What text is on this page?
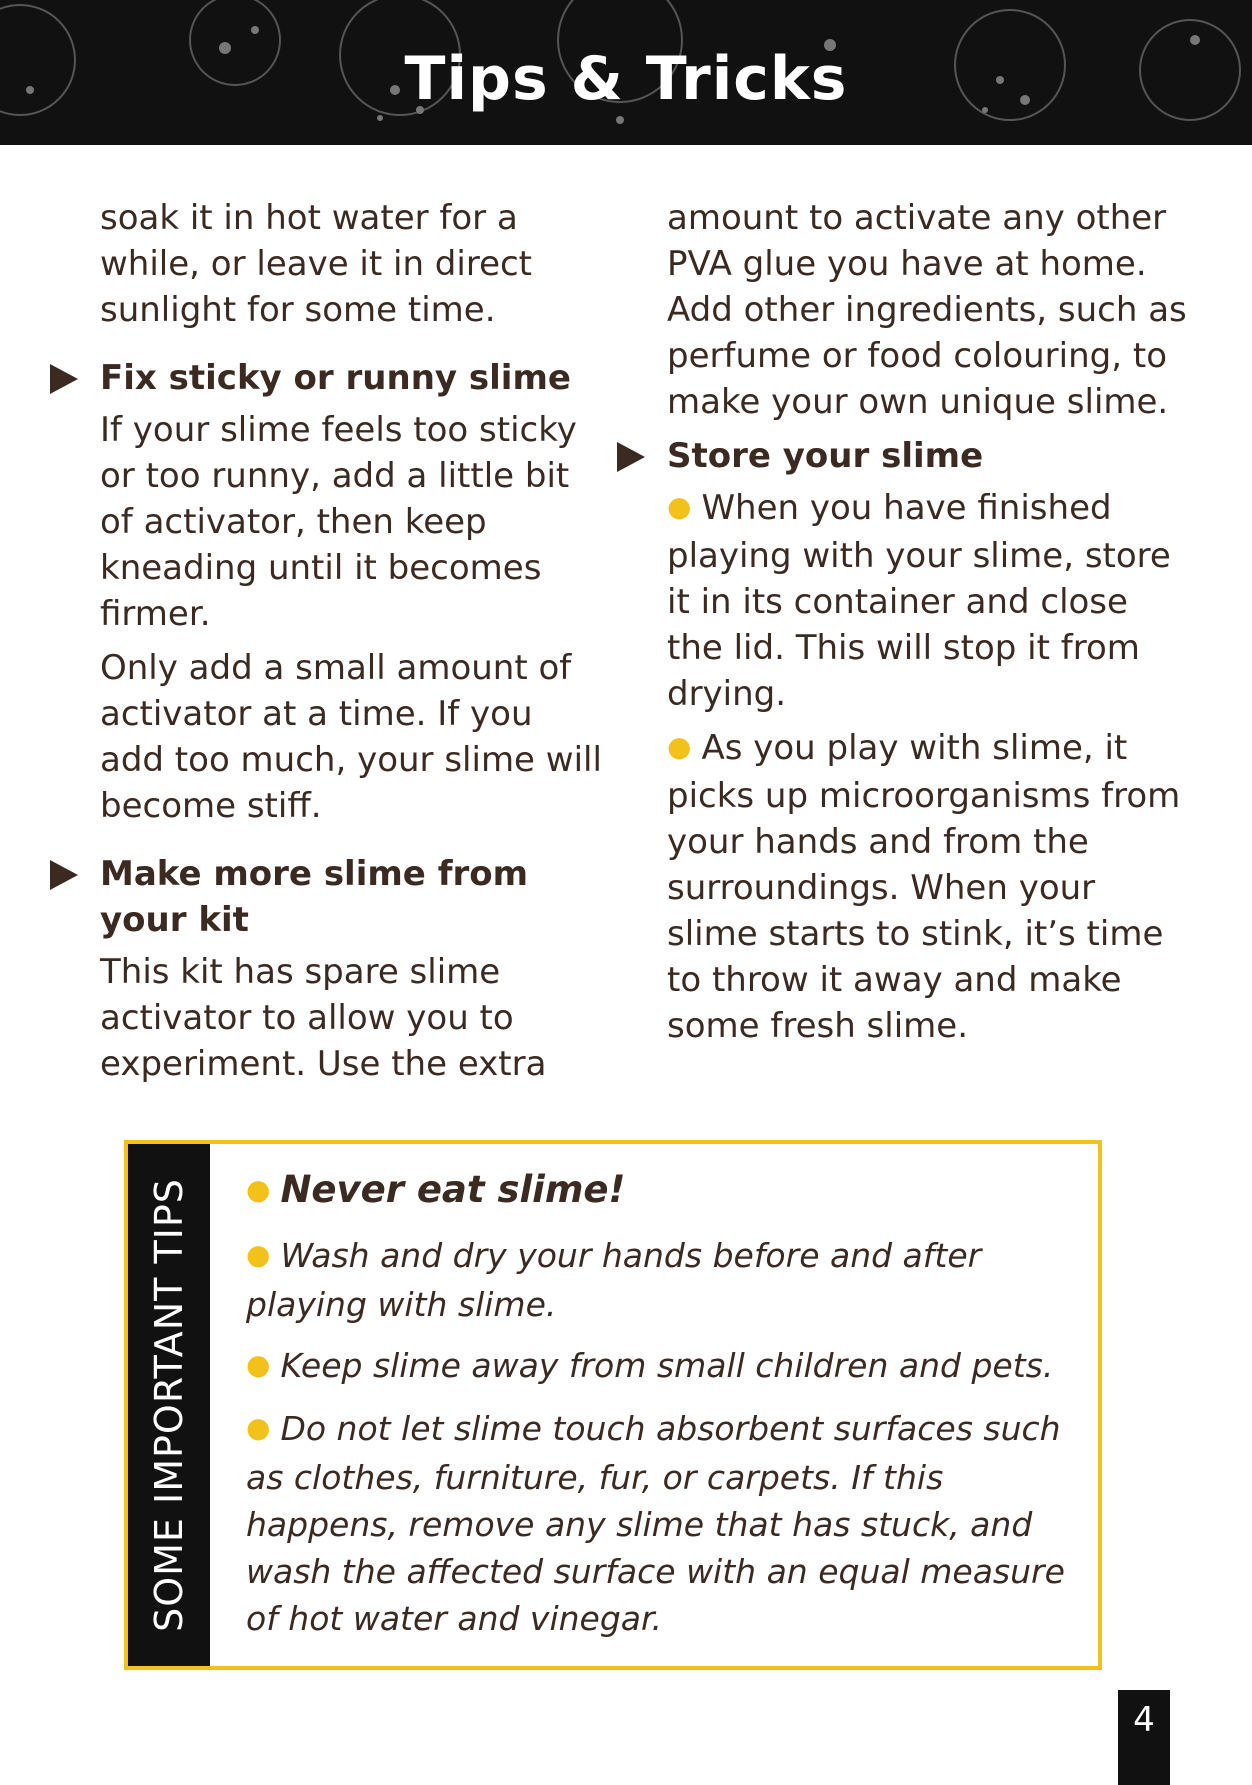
Tips & Tricks

soak it in hot water for a while, or leave it in direct sunlight for some time.

Fix sticky or runny slime

If your slime feels too sticky or too runny, add a little bit of activator, then keep kneading until it becomes firmer.

Only add a small amount of activator at a time. If you add too much, your slime will become stiff.

Make more slime from your kit

This kit has spare slime activator to allow you to experiment. Use the extra

amount to activate any other PVA glue you have at home. Add other ingredients, such as perfume or food colouring, to make your own unique slime.

Store your slime

● When you have finished playing with your slime, store it in its container and close the lid. This will stop it from drying.

● As you play with slime, it picks up microorganisms from your hands and from the surroundings. When your slime starts to stink, it’s time to throw it away and make some fresh slime.

SOME IMPORTANT TIPS ● Never eat slime!
● Wash and dry your hands before and after playing with slime.
● Keep slime away from small children and pets.
● Do not let slime touch absorbent surfaces such as clothes, furniture, fur, or carpets. If this happens, remove any slime that has stuck, and wash the affected surface with an equal measure of hot water and vinegar.
4
